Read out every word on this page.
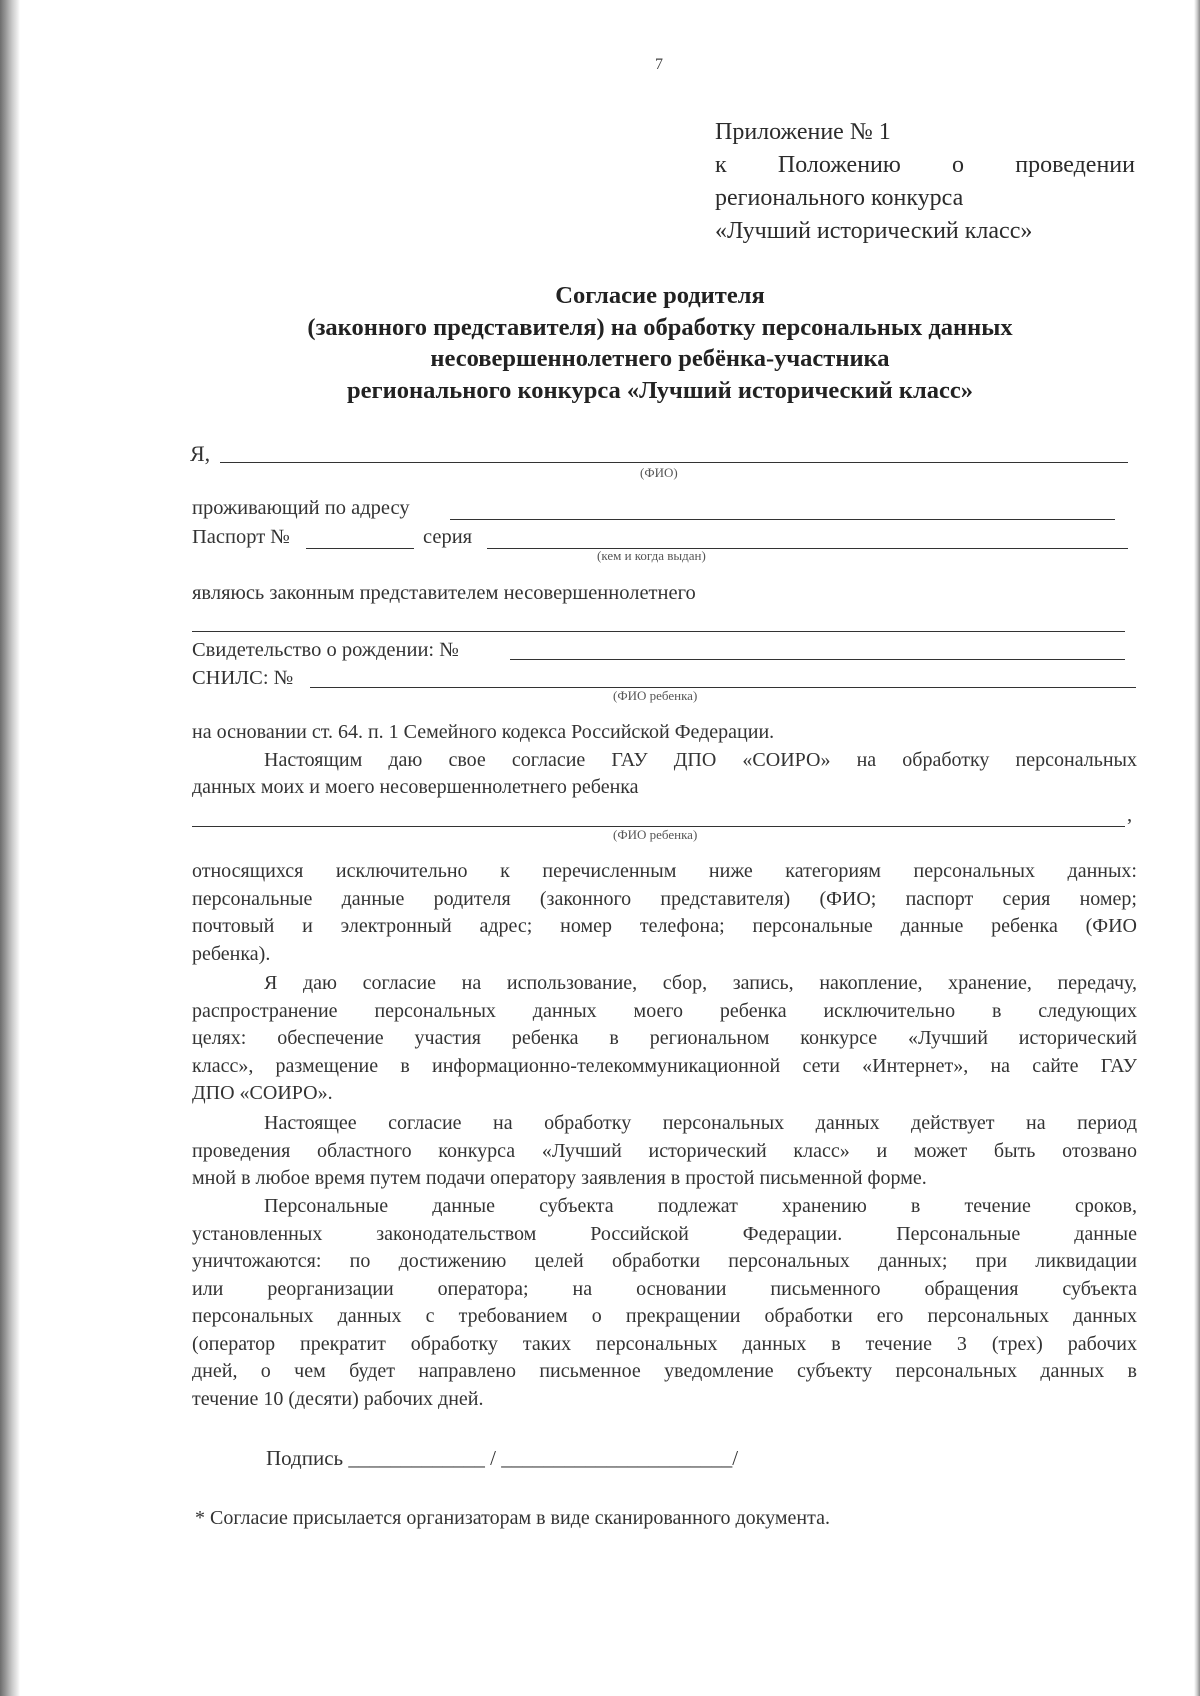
7
Приложение № 1
к Положению о проведении
регионального конкурса
«Лучший исторический класс»
Согласие родителя
(законного представителя) на обработку персональных данных
несовершеннолетнего ребёнка-участника
регионального конкурса «Лучший исторический класс»
Я,
(ФИО)
проживающий по адресу
Паспорт №	серия
(кем и когда выдан)
являюсь законным представителем несовершеннолетнего
Свидетельство о рождении: №
СНИЛС: №
(ФИО ребенка)
на основании ст. 64. п. 1 Семейного кодекса Российской Федерации.
Настоящим даю свое согласие ГАУ ДПО «СОИРО» на обработку персональных
данных моих и моего несовершеннолетнего ребенка
,
(ФИО ребенка)
относящихся исключительно к перечисленным ниже категориям персональных данных:
персональные данные родителя (законного представителя) (ФИО; паспорт серия номер;
почтовый и электронный адрес; номер телефона; персональные данные ребенка (ФИО
ребенка).
Я даю согласие на использование, сбор, запись, накопление, хранение, передачу,
распространение персональных данных моего ребенка исключительно в следующих
целях: обеспечение участия ребенка в региональном конкурсе «Лучший исторический
класс», размещение в информационно-телекоммуникационной сети «Интернет», на сайте ГАУ
ДПО «СОИРО».
Настоящее согласие на обработку персональных данных действует на период
проведения областного конкурса «Лучший исторический класс» и может быть отозвано
мной в любое время путем подачи оператору заявления в простой письменной форме.
Персональные данные субъекта подлежат хранению в течение сроков,
установленных законодательством Российской Федерации. Персональные данные
уничтожаются: по достижению целей обработки персональных данных; при ликвидации
или реорганизации оператора; на основании письменного обращения субъекта
персональных данных с требованием о прекращении обработки его персональных данных
(оператор прекратит обработку таких персональных данных в течение 3 (трех) рабочих
дней, о чем будет направлено письменное уведомление субъекту персональных данных в
течение 10 (десяти) рабочих дней.
Подпись _____________ / ______________________/
* Согласие присылается организаторам в виде сканированного документа.
